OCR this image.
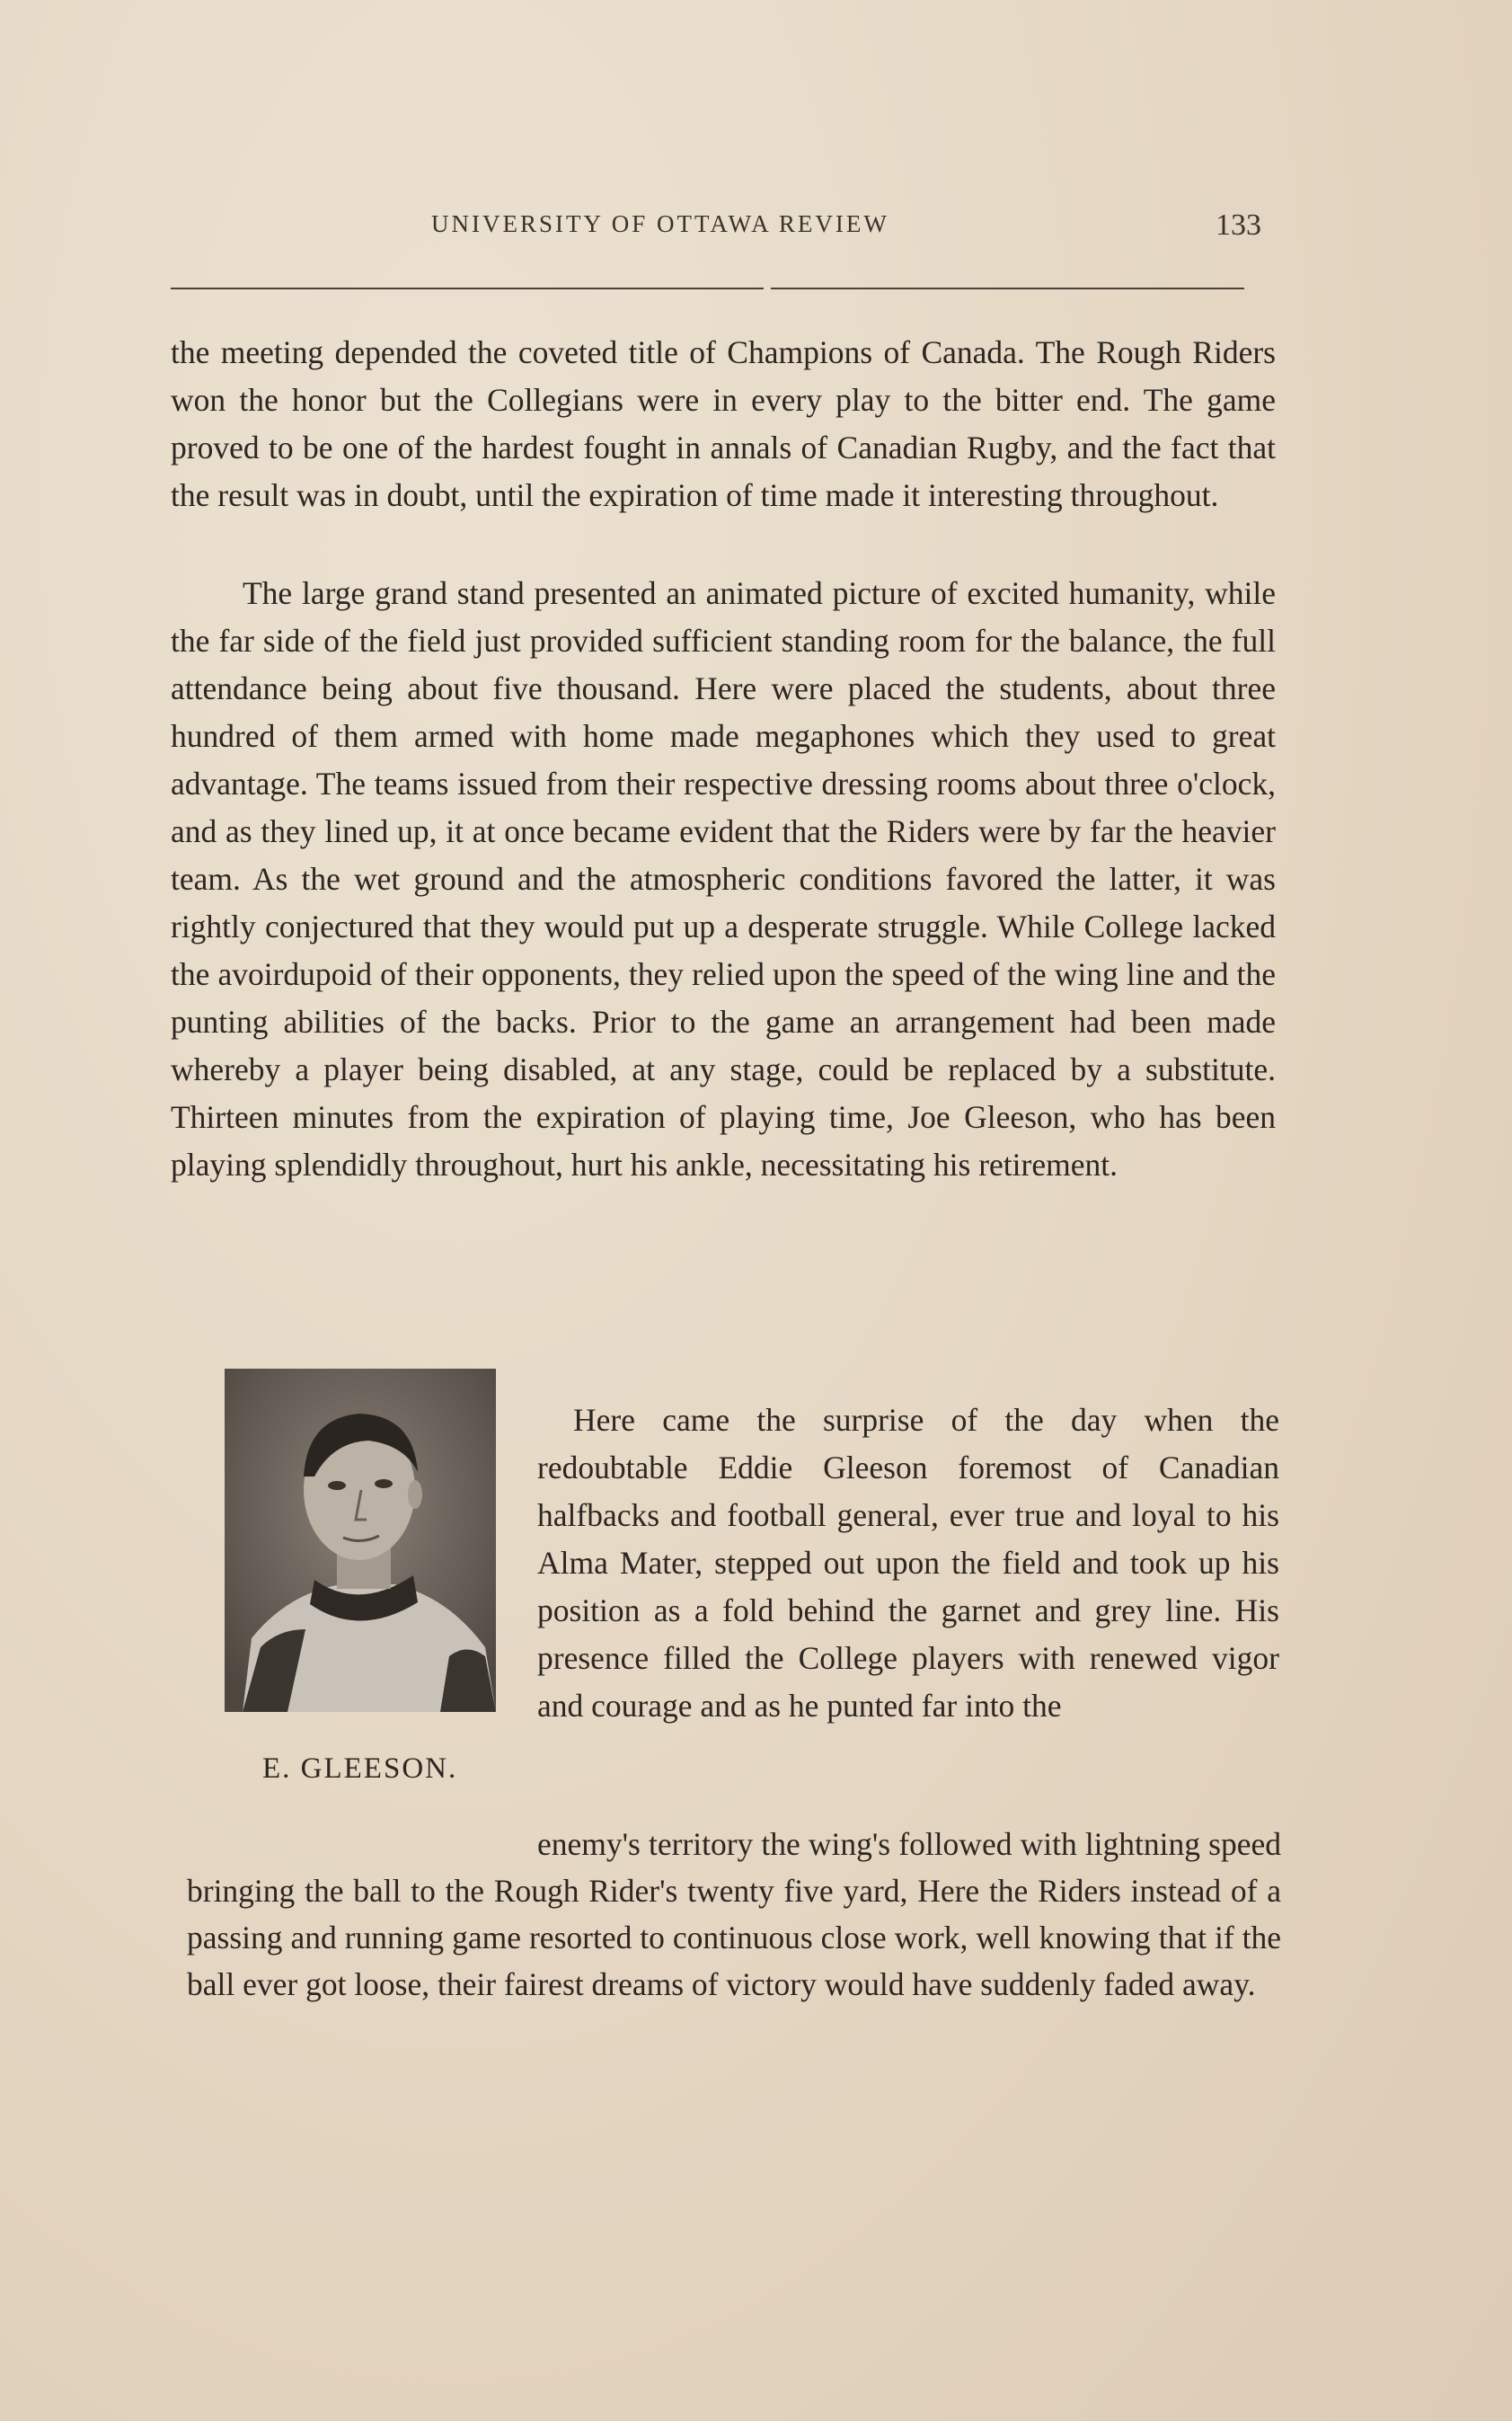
UNIVERSITY OF OTTAWA REVIEW	133

the meeting depended the coveted title of Champions of Canada. The Rough Riders won the honor but the Collegians were in every play to the bitter end. The game proved to be one of the hardest fought in annals of Canadian Rugby, and the fact that the result was in doubt, until the expiration of time made it interesting throughout.

The large grand stand presented an animated picture of excited humanity, while the far side of the field just provided sufficient standing room for the balance, the full attendance being about five thousand. Here were placed the students, about three hundred of them armed with home made megaphones which they used to great advantage. The teams issued from their respective dressing rooms about three o'clock, and as they lined up, it at once became evident that the Riders were by far the heavier team. As the wet ground and the atmospheric conditions favored the latter, it was rightly conjectured that they would put up a desperate struggle. While College lacked the avoirdupoid of their opponents, they relied upon the speed of the wing line and the punting abilities of the backs. Prior to the game an arrangement had been made whereby a player being disabled, at any stage, could be replaced by a substitute. Thirteen minutes from the expiration of playing time, Joe Gleeson, who has been playing splendidly throughout, hurt his ankle, necessitating his retirement.

E. GLEESON.

Here came the surprise of the day when the redoubtable Eddie Gleeson foremost of Canadian halfbacks and football general, ever true and loyal to his Alma Mater, stepped out upon the field and took up his position as a fold behind the garnet and grey line. His presence filled the College players with renewed vigor and courage and as he punted far into the

enemy's territory the wing's followed with lightning speed bringing the ball to the Rough Rider's twenty five yard, Here the Riders instead of a passing and running game resorted to continuous close work, well knowing that if the ball ever got loose, their fairest dreams of victory would have suddenly faded away.
